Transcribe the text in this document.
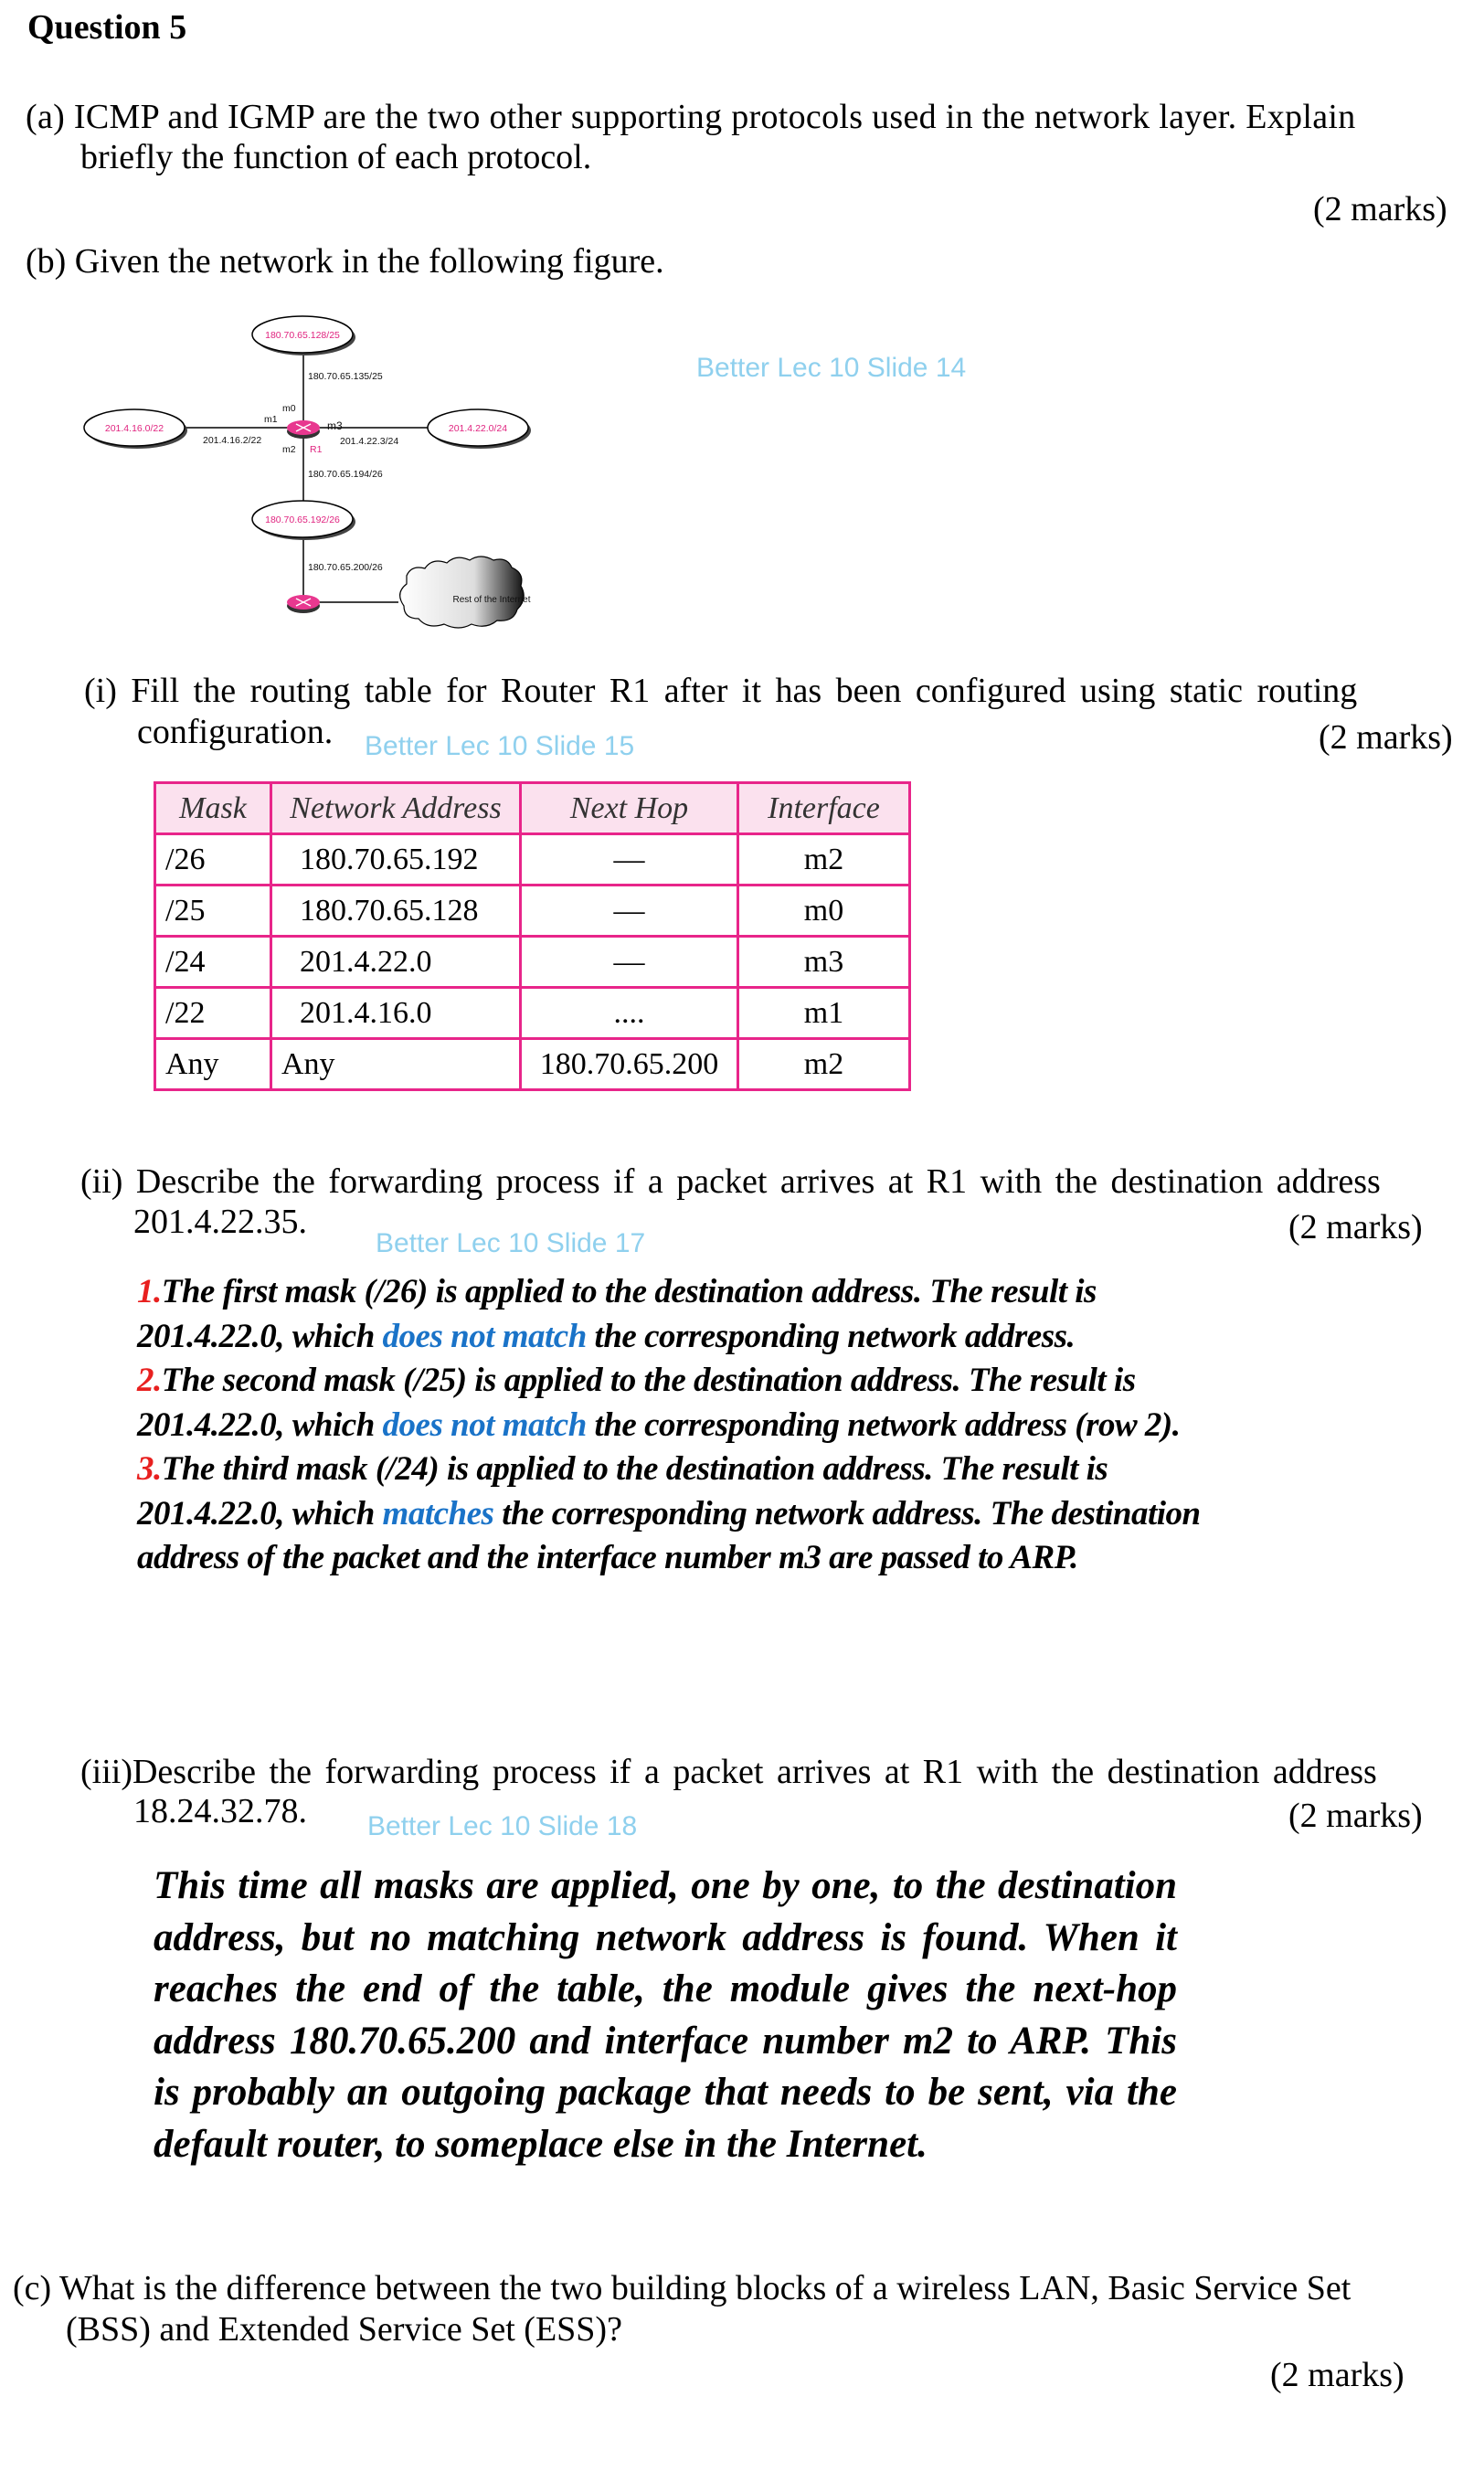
Question 5
(a) ICMP and IGMP are the two other supporting protocols used in the network layer. Explain
briefly the function of each protocol.
(2 marks)
(b) Given the network in the following figure.
180.70.65.128/25
201.4.16.0/22	201.4.22.0/24
180.70.65.192/26
R1
180.70.65.135/25
201.4.16.2/22	201.4.22.3/24
180.70.65.194/26
180.70.65.200/26
m0
m1
m2
m3
Rest of the Internet
Better Lec 10 Slide 14
(i) Fill the routing table for Router R1 after it has been configured using static routing
configuration. Better Lec 10 Slide 15	(2 marks)
Mask	Network Address	Next Hop	Interface
/26	180.70.65.192	—	m2
/25	180.70.65.128	—	m0
/24	201.4.22.0	—	m3
/22	201.4.16.0	....	m1
Any	Any	180.70.65.200	m2
(ii) Describe the forwarding process if a packet arrives at R1 with the destination address
201.4.22.35.
Better Lec 10 Slide 17	(2 marks)
1.The first mask (/26) is applied to the destination address. The result is 201.4.22.0, which does not match the corresponding network address.
2.The second mask (/25) is applied to the destination address. The result is 201.4.22.0, which does not match the corresponding network address (row 2).
3.The third mask (/24) is applied to the destination address. The result is 201.4.22.0, which matches the corresponding network address. The destination address of the packet and the interface number m3 are passed to ARP.
(iii)Describe the forwarding process if a packet arrives at R1 with the destination address
18.24.32.78. Better Lec 10 Slide 18	(2 marks)
This time all masks are applied, one by one, to the destination address, but no matching network address is found. When it reaches the end of the table, the module gives the next-hop address 180.70.65.200 and interface number m2 to ARP. This is probably an outgoing package that needs to be sent, via the default router, to someplace else in the Internet.
(c) What is the difference between the two building blocks of a wireless LAN, Basic Service Set
(BSS) and Extended Service Set (ESS)?
(2 marks)
